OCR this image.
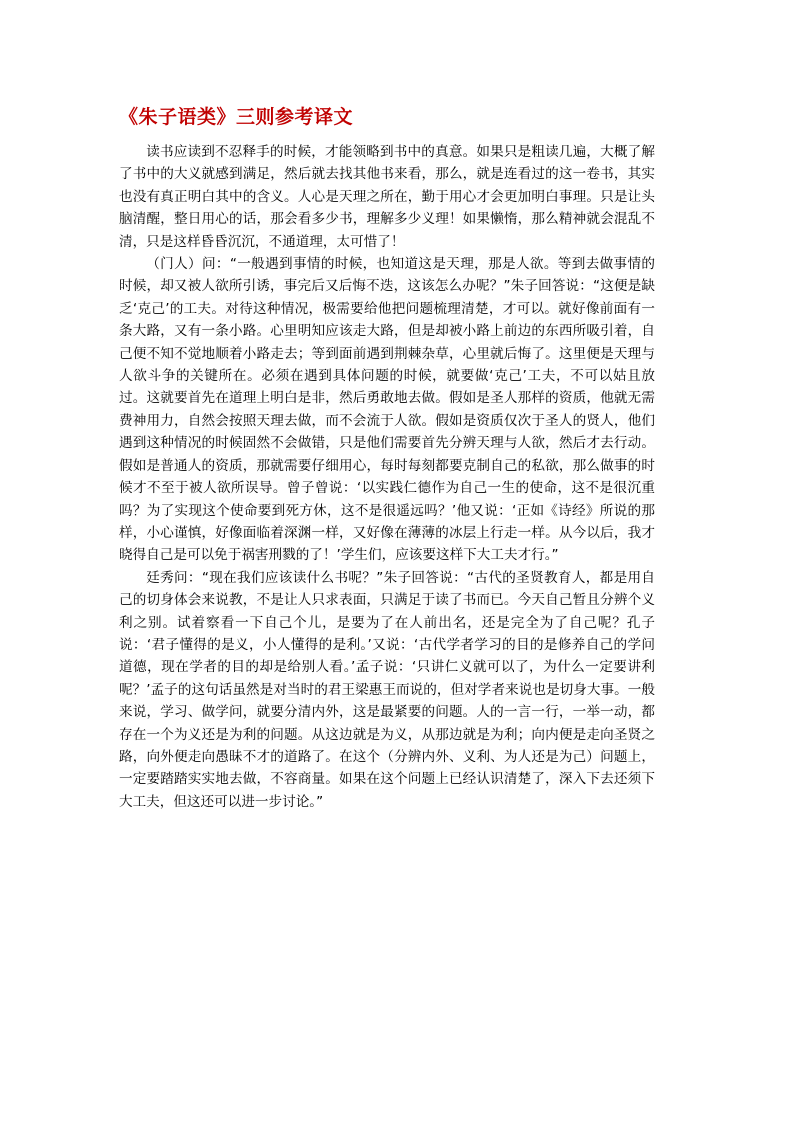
《朱子语类》三则参考译文

读书应读到不忍释手的时候，才能领略到书中的真意。如果只是粗读几遍，大概了解了书中的大义就感到满足，然后就去找其他书来看，那么，就是连看过的这一卷书，其实也没有真正明白其中的含义。人心是天理之所在，勤于用心才会更加明白事理。只是让头脑清醒，整日用心的话，那会看多少书，理解多少义理！如果懒惰，那么精神就会混乱不清，只是这样昏昏沉沉，不通道理，太可惜了！

（门人）问：“一般遇到事情的时候，也知道这是天理，那是人欲。等到去做事情的时候，却又被人欲所引诱，事完后又后悔不迭，这该怎么办呢？”朱子回答说：“这便是缺乏‘克己’的工夫。对待这种情况，极需要给他把问题梳理清楚，才可以。就好像前面有一条大路，又有一条小路。心里明知应该走大路，但是却被小路上前边的东西所吸引着，自己便不知不觉地顺着小路走去；等到面前遇到荆棘杂草，心里就后悔了。这里便是天理与人欲斗争的关键所在。必须在遇到具体问题的时候，就要做‘克己’工夫，不可以姑且放过。这就要首先在道理上明白是非，然后勇敢地去做。假如是圣人那样的资质，他就无需费神用力，自然会按照天理去做，而不会流于人欲。假如是资质仅次于圣人的贤人，他们遇到这种情况的时候固然不会做错，只是他们需要首先分辨天理与人欲，然后才去行动。假如是普通人的资质，那就需要仔细用心，每时每刻都要克制自己的私欲，那么做事的时候才不至于被人欲所误导。曾子曾说：‘以实践仁德作为自己一生的使命，这不是很沉重吗？为了实现这个使命要到死方休，这不是很遥远吗？’他又说：‘正如《诗经》所说的那样，小心谨慎，好像面临着深渊一样，又好像在薄薄的冰层上行走一样。从今以后，我才晓得自己是可以免于祸害刑戮的了！’学生们，应该要这样下大工夫才行。”

廷秀问：“现在我们应该读什么书呢？”朱子回答说：“古代的圣贤教育人，都是用自己的切身体会来说教，不是让人只求表面，只满足于读了书而已。今天自己暂且分辨个义利之别。试着察看一下自己个儿，是要为了在人前出名，还是完全为了自己呢？孔子说：‘君子懂得的是义，小人懂得的是利。’又说：‘古代学者学习的目的是修养自己的学问道德，现在学者的目的却是给别人看。’孟子说：‘只讲仁义就可以了，为什么一定要讲利呢？’孟子的这句话虽然是对当时的君王梁惠王而说的，但对学者来说也是切身大事。一般来说，学习、做学问，就要分清内外，这是最紧要的问题。人的一言一行，一举一动，都存在一个为义还是为利的问题。从这边就是为义，从那边就是为利；向内便是走向圣贤之路，向外便走向愚昧不才的道路了。在这个（分辨内外、义利、为人还是为己）问题上，一定要踏踏实实地去做，不容商量。如果在这个问题上已经认识清楚了，深入下去还须下大工夫，但这还可以进一步讨论。”
